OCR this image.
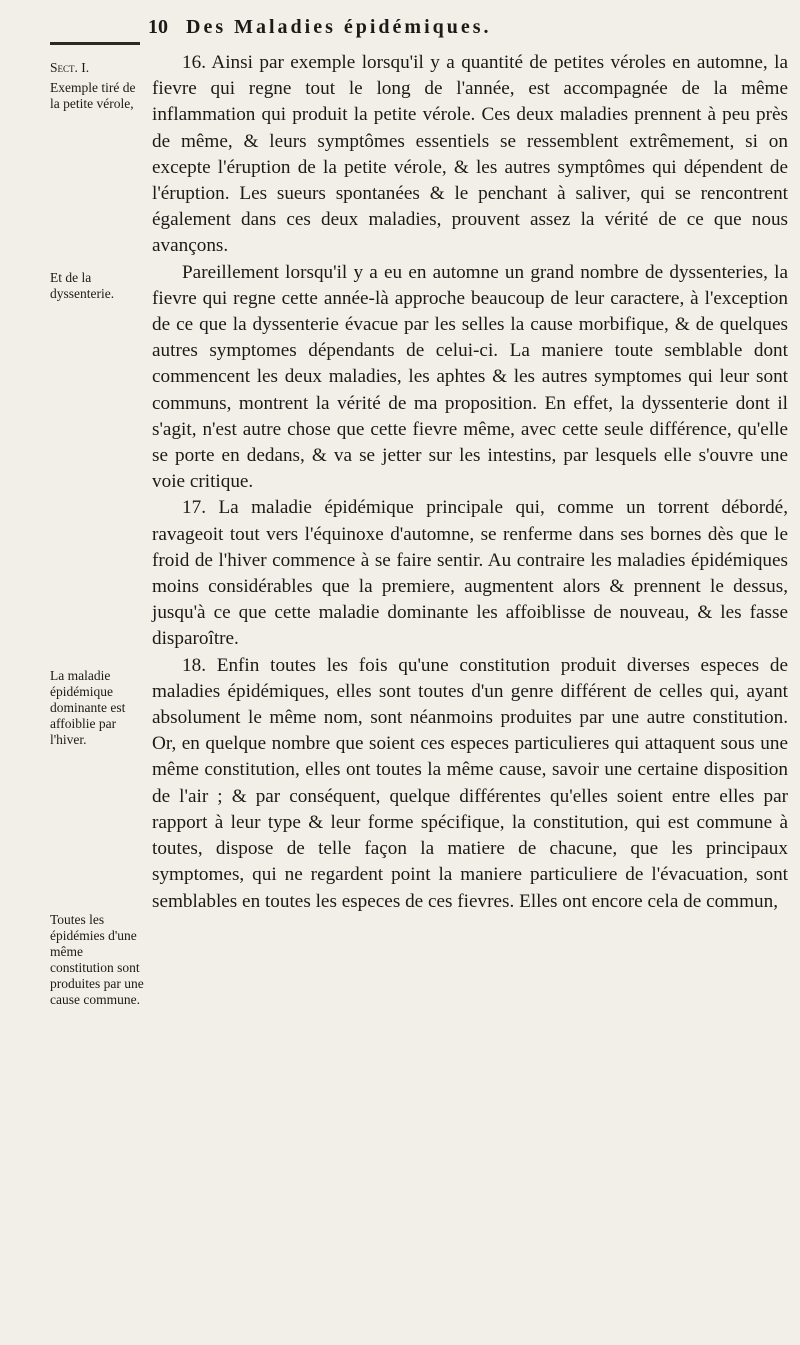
10 Des Maladies épidémiques.
Sect. I.
Exemple tiré de la petite vérole,
Et de la dyssenterie.
La maladie épidémique dominante est affoiblie par l'hiver.
Toutes les épidémies d'une même constitution sont produites par une cause commune.

16. Ainsi par exemple lorsqu'il y a quantité de petites véroles en automne, la fievre qui regne tout le long de l'année, est accompagnée de la même inflammation qui produit la petite vérole. Ces deux maladies prennent à peu près de même, & leurs symptômes essentiels se ressemblent extrêmement, si on excepte l'éruption de la petite vérole, & les autres symptômes qui dépendent de l'éruption. Les sueurs spontanées & le penchant à saliver, qui se rencontrent également dans ces deux maladies, prouvent assez la vérité de ce que nous avançons.

Pareillement lorsqu'il y a eu en automne un grand nombre de dyssenteries, la fievre qui regne cette année-là approche beaucoup de leur caractere, à l'exception de ce que la dyssenterie évacue par les selles la cause morbifique, & de quelques autres symptomes dépendants de celui-ci. La maniere toute semblable dont commencent les deux maladies, les aphtes & les autres symptomes qui leur sont communs, montrent la vérité de ma proposition. En effet, la dyssenterie dont il s'agit, n'est autre chose que cette fievre même, avec cette seule différence, qu'elle se porte en dedans, & va se jetter sur les intestins, par lesquels elle s'ouvre une voie critique.

17. La maladie épidémique principale qui, comme un torrent débordé, ravageoit tout vers l'équinoxe d'automne, se renferme dans ses bornes dès que le froid de l'hiver commence à se faire sentir. Au contraire les maladies épidémiques moins considérables que la premiere, augmentent alors & prennent le dessus, jusqu'à ce que cette maladie dominante les affoiblisse de nouveau, & les fasse disparoître.

18. Enfin toutes les fois qu'une constitution produit diverses especes de maladies épidémiques, elles sont toutes d'un genre différent de celles qui, ayant absolument le même nom, sont néanmoins produites par une autre constitution. Or, en quelque nombre que soient ces especes particulieres qui attaquent sous une même constitution, elles ont toutes la même cause, savoir une certaine disposition de l'air ; & par conséquent, quelque différentes qu'elles soient entre elles par rapport à leur type & leur forme spécifique, la constitution, qui est commune à toutes, dispose de telle façon la matiere de chacune, que les principaux symptomes, qui ne regardent point la maniere particuliere de l'évacuation, sont semblables en toutes les especes de ces fievres. Elles ont encore cela de commun,
